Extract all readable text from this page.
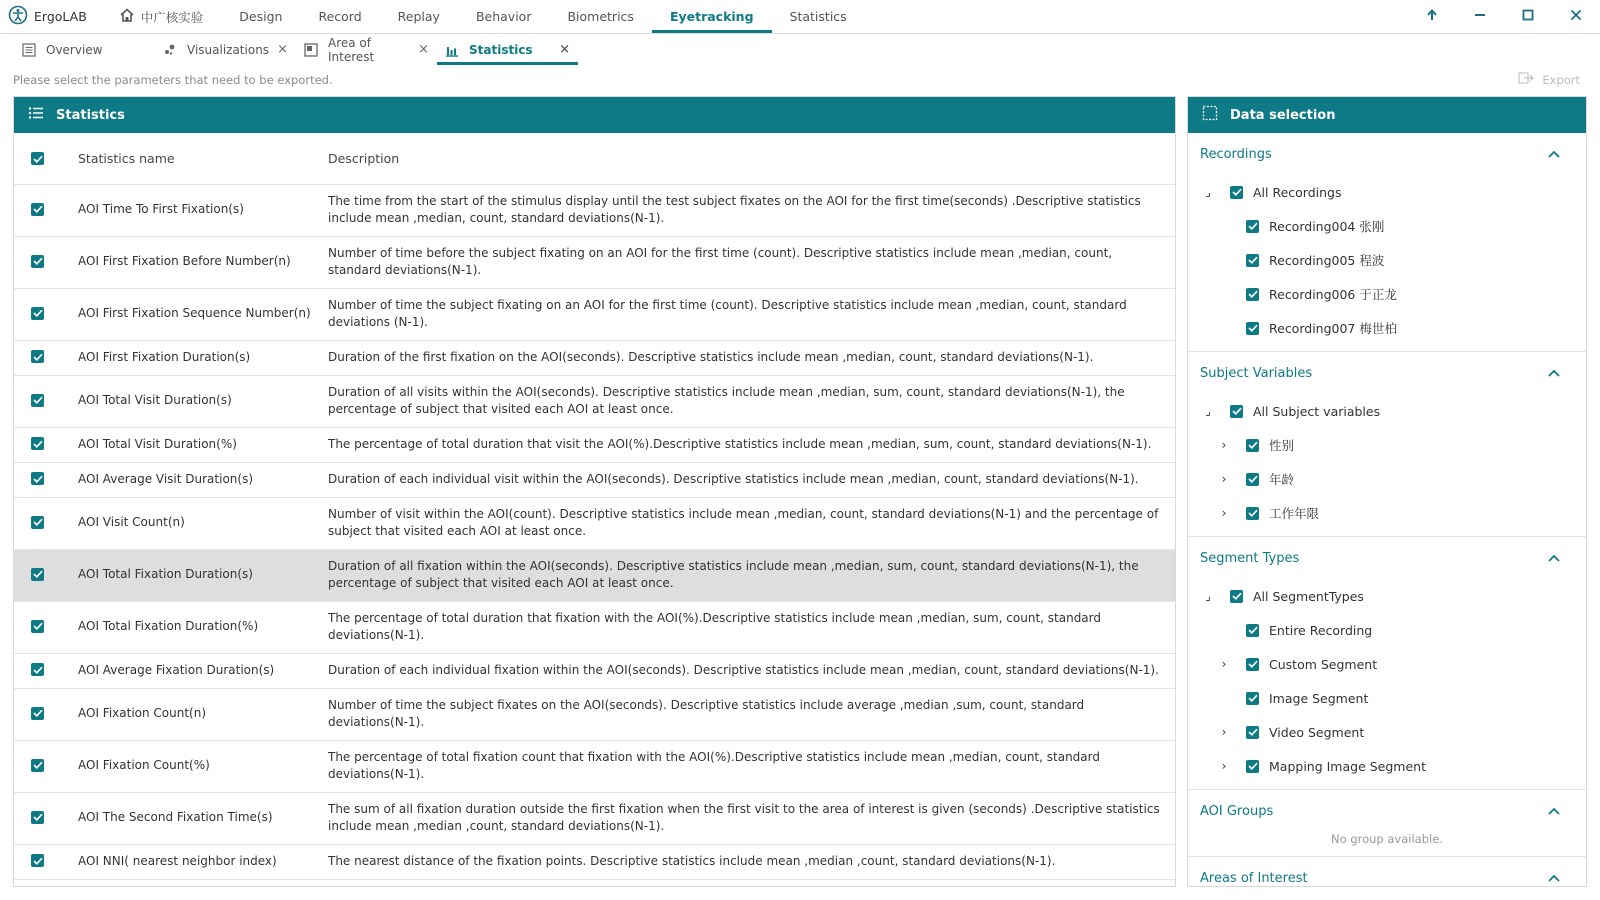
ErgoLAB	中广核实验	Design	Record	Replay	Behavior	Biometrics	Eyetracking	Statistics
Overview	Visualizations ×	Area of Interest	×	Statistics ×
Please select the parameters that need to be exported.	Export
Statistics
	Statistics name	Description

	AOI Time To First Fixation(s)	The time from the start of the stimulus display until the test subject fixates on the AOI for the first time(seconds) .Descriptive statistics include mean ,median, count, standard deviations(N-1).

	AOI First Fixation Before Number(n)	Number of time before the subject fixating on an AOI for the first time (count). Descriptive statistics include mean ,median, count, standard deviations(N-1).

	AOI First Fixation Sequence Number(n)	Number of time the subject fixating on an AOI for the first time (count). Descriptive statistics include mean ,median, count, standard deviations (N-1).

	AOI First Fixation Duration(s)	Duration of the first fixation on the AOI(seconds). Descriptive statistics include mean ,median, count, standard deviations(N-1).

	AOI Total Visit Duration(s)	Duration of all visits within the AOI(seconds). Descriptive statistics include mean ,median, sum, count, standard deviations(N-1), the percentage of subject that visited each AOI at least once.

	AOI Total Visit Duration(%)	The percentage of total duration that visit the AOI(%).Descriptive statistics include mean ,median, sum, count, standard deviations(N-1).

	AOI Average Visit Duration(s)	Duration of each individual visit within the AOI(seconds). Descriptive statistics include mean ,median, count, standard deviations(N-1).

	AOI Visit Count(n)	Number of visit within the AOI(count). Descriptive statistics include mean ,median, count, standard deviations(N-1) and the percentage of subject that visited each AOI at least once.

	AOI Total Fixation Duration(s)	Duration of all fixation within the AOI(seconds). Descriptive statistics include mean ,median, sum, count, standard deviations(N-1), the percentage of subject that visited each AOI at least once.

	AOI Total Fixation Duration(%)	The percentage of total duration that fixation with the AOI(%).Descriptive statistics include mean ,median, sum, count, standard deviations(N-1).

	AOI Average Fixation Duration(s)	Duration of each individual fixation within the AOI(seconds). Descriptive statistics include mean ,median, count, standard deviations(N-1).

	AOI Fixation Count(n)	Number of time the subject fixates on the AOI(seconds). Descriptive statistics include average ,median ,sum, count, standard deviations(N-1).

	AOI Fixation Count(%)	The percentage of total fixation count that fixation with the AOI(%).Descriptive statistics include mean ,median, count, standard deviations(N-1).

	AOI The Second Fixation Time(s)	The sum of all fixation duration outside the first fixation when the first visit to the area of interest is given (seconds) .Descriptive statistics include mean ,median ,count, standard deviations(N-1).

	AOI NNI( nearest neighbor index)	The nearest distance of the fixation points. Descriptive statistics include mean ,median ,count, standard deviations(N-1).
Data selection
Recordings
⌟	All Recordings
Recording004 张刚
Recording005 程波
Recording006 于正龙
Recording007 梅世柏
Subject Variables
⌟	All Subject variables
›	性别
›	年龄
›	工作年限
Segment Types
⌟	All SegmentTypes
Entire Recording
›	Custom Segment
Image Segment
›	Video Segment
›	Mapping Image Segment
AOI Groups
No group available.
Areas of Interest
